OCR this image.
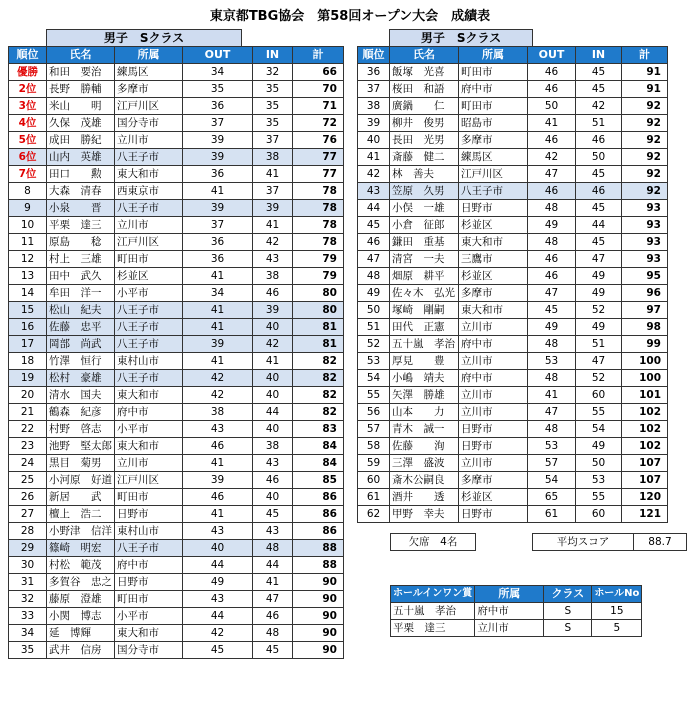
東京都TBG協会　第58回オープン大会　成績表
男子　Sクラス	男子　Sクラス
順位	氏名	所属	OUT	IN	計
優勝	和田　要治	練馬区	34	32	66
2位	長野　勝輔	多摩市	35	35	70
3位	米山　　明	江戸川区	36	35	71
4位	久保　茂雄	国分寺市	37	35	72
5位	成田　勝紀	立川市	39	37	76
6位	山内　英雄	八王子市	39	38	77
7位	田口　　勲	東大和市	36	41	77
8	大森　清春	西東京市	41	37	78
9	小泉　　晋	八王子市	39	39	78
10	平栗　達三	立川市	37	41	78
11	原島　　稔	江戸川区	36	42	78
12	村上　三雄	町田市	36	43	79
13	田中　武久	杉並区	41	38	79
14	牟田　洋一	小平市	34	46	80
15	松山　紀夫	八王子市	41	39	80
16	佐藤　忠平	八王子市	41	40	81
17	岡部　尚武	八王子市	39	42	81
18	竹澤　恒行	東村山市	41	41	82
19	松村　豪雄	八王子市	42	40	82
20	清水　国夫	東大和市	42	40	82
21	鶴森　紀彦	府中市	38	44	82
22	村野　啓志	小平市	43	40	83
23	池野　堅太郎	東大和市	46	38	84
24	黒目　菊男	立川市	41	43	84
25	小河原　好道	江戸川区	39	46	85
26	新居　　武	町田市	46	40	86
27	檀上　浩二	日野市	41	45	86
28	小野津　信洋	東村山市	43	43	86
29	篠崎　明宏	八王子市	40	48	88
30	村松　範茂	府中市	44	44	88
31	多賀谷　忠之	日野市	49	41	90
32	藤原　澄雄	町田市	43	47	90
33	小関　博志	小平市	44	46	90
34	延　博輝	東大和市	42	48	90
35	武井　信房	国分寺市	45	45	90
順位	氏名	所属	OUT	IN	計
36	飯塚　光喜	町田市	46	45	91
37	桜田　和語	府中市	46	45	91
38	廣鍋　　仁	町田市	50	42	92
39	柳井　俊男	昭島市	41	51	92
40	長田　光男	多摩市	46	46	92
41	斎藤　健二	練馬区	42	50	92
42	林　善夫	江戸川区	47	45	92
43	笠原　久男	八王子市	46	46	92
44	小俣　一雄	日野市	48	45	93
45	小倉　征郎	杉並区	49	44	93
46	鎌田　重基	東大和市	48	45	93
47	清宮　一夫	三鷹市	46	47	93
48	畑原　耕平	杉並区	46	49	95
49	佐々木　弘光	多摩市	47	49	96
50	塚崎　剛嗣	東大和市	45	52	97
51	田代　正憲	立川市	49	49	98
52	五十嵐　孝治	府中市	48	51	99
53	厚見　　豊	立川市	53	47	100
54	小嶋　靖夫	府中市	48	52	100
55	矢澤　勝雄	立川市	41	60	101
56	山本　　力	立川市	47	55	102
57	青木　誠一	日野市	48	54	102
58	佐藤　　洵	日野市	53	49	102
59	三澤　盛波	立川市	57	50	107
60	斎木公嗣良	多摩市	54	53	107
61	酒井　　透	杉並区	65	55	120
62	甲野　幸夫	日野市	61	60	121
欠席　4名	平均スコア	88.7
ホールインワン賞	所属	クラス	ホールNo
五十嵐　孝治	府中市	S	15
平栗　達三	立川市	S	5
